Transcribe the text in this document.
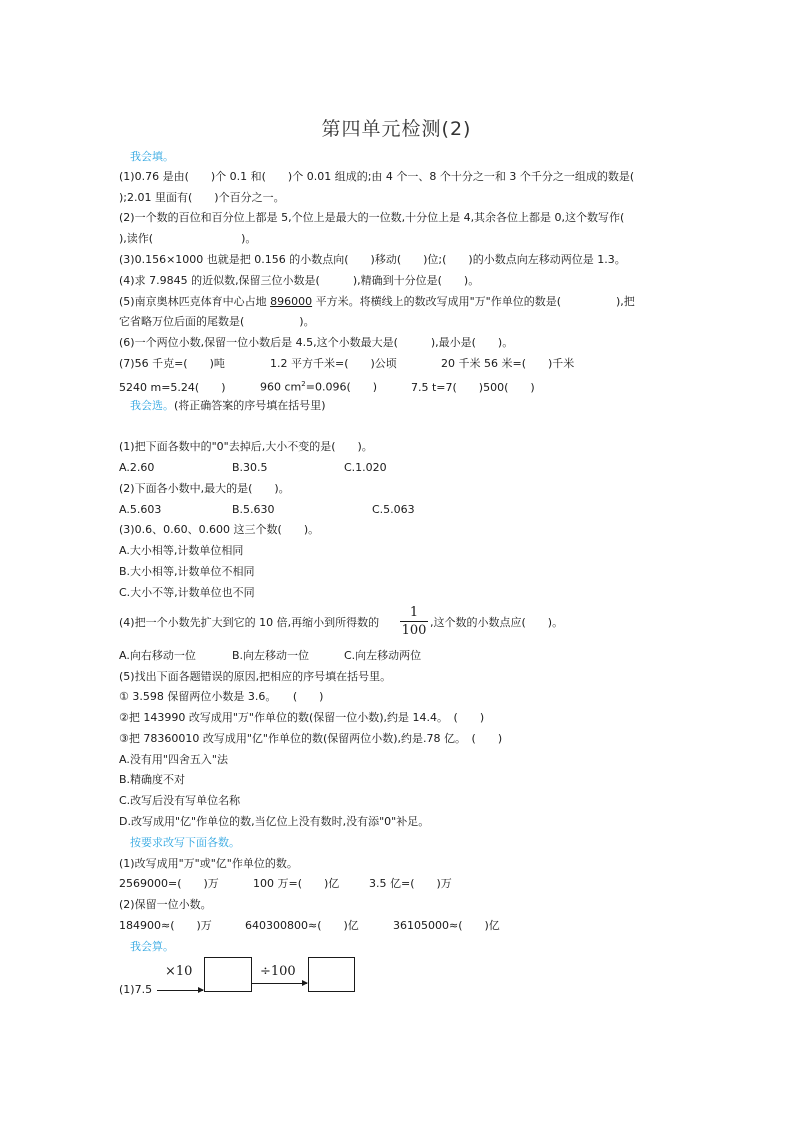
第四单元检测(2)
我会填。
(1)0.76 是由(　　)个 0.1 和(　　)个 0.01 组成的;由 4 个一、8 个十分之一和 3 个千分之一组成的数是(
);2.01 里面有(　　)个百分之一。
(2)一个数的百位和百分位上都是 5,个位上是最大的一位数,十分位上是 4,其余各位上都是 0,这个数写作(
),读作(　　　　　　　　)。
(3)0.156×1000 也就是把 0.156 的小数点向(　　)移动(　　)位;(　　)的小数点向左移动两位是 1.3。
(4)求 7.9845 的近似数,保留三位小数是(　　　),精确到十分位是(　　)。
(5)南京奥林匹克体育中心占地 896000 平方米。将横线上的数改写成用"万"作单位的数是(　　　　　),把
它省略万位后面的尾数是(　　　　　)。
(6)一个两位小数,保留一位小数后是 4.5,这个小数最大是(　　　),最小是(　　)。
(7)56 千克=(　　)吨	1.2 平方千米=(　　)公顷	20 千米 56 米=(　　)千米
5240 m=5.24(　　)	960 $cm^2=0.096$(　　)	7.5 t=7(　　)500(　　)
我会选。(将正确答案的序号填在括号里)
(1)把下面各数中的"0"去掉后,大小不变的是(　　)。
A.2.60	B.30.5	C.1.020
(2)下面各小数中,最大的是(　　)。
A.5.603	B.5.630	C.5.063
(3)0.6、0.60、0.600 这三个数(　　)。
A.大小相等,计数单位相同
B.大小相等,计数单位不相同
C.大小不等,计数单位也不同
(4)把一个小数先扩大到它的 10 倍,再缩小到所得数的
1
100
,这个数的小数点应(　　)。
A.向右移动一位	B.向左移动一位	C.向左移动两位
(5)找出下面各题错误的原因,把相应的序号填在括号里。
① 3.598 保留两位小数是 3.6。　　(　　)
②把 143990 改写成用"万"作单位的数(保留一位小数),约是 14.4。　(　　)
③把 78360010 改写成用"亿"作单位的数(保留两位小数),约是.78 亿。　(　　)
A.没有用"四舍五入"法
B.精确度不对
C.改写后没有写单位名称
D.改写成用"亿"作单位的数,当亿位上没有数时,没有添"0"补足。
按要求改写下面各数。
(1)改写成用"万"或"亿"作单位的数。
2569000=(　　)万	100 万=(　　)亿	3.5 亿=(　　)万
(2)保留一位小数。
184900≈(　　)万	640300800≈(　　)亿	36105000≈(　　)亿
我会算。
(1)7.5
×10	÷100
